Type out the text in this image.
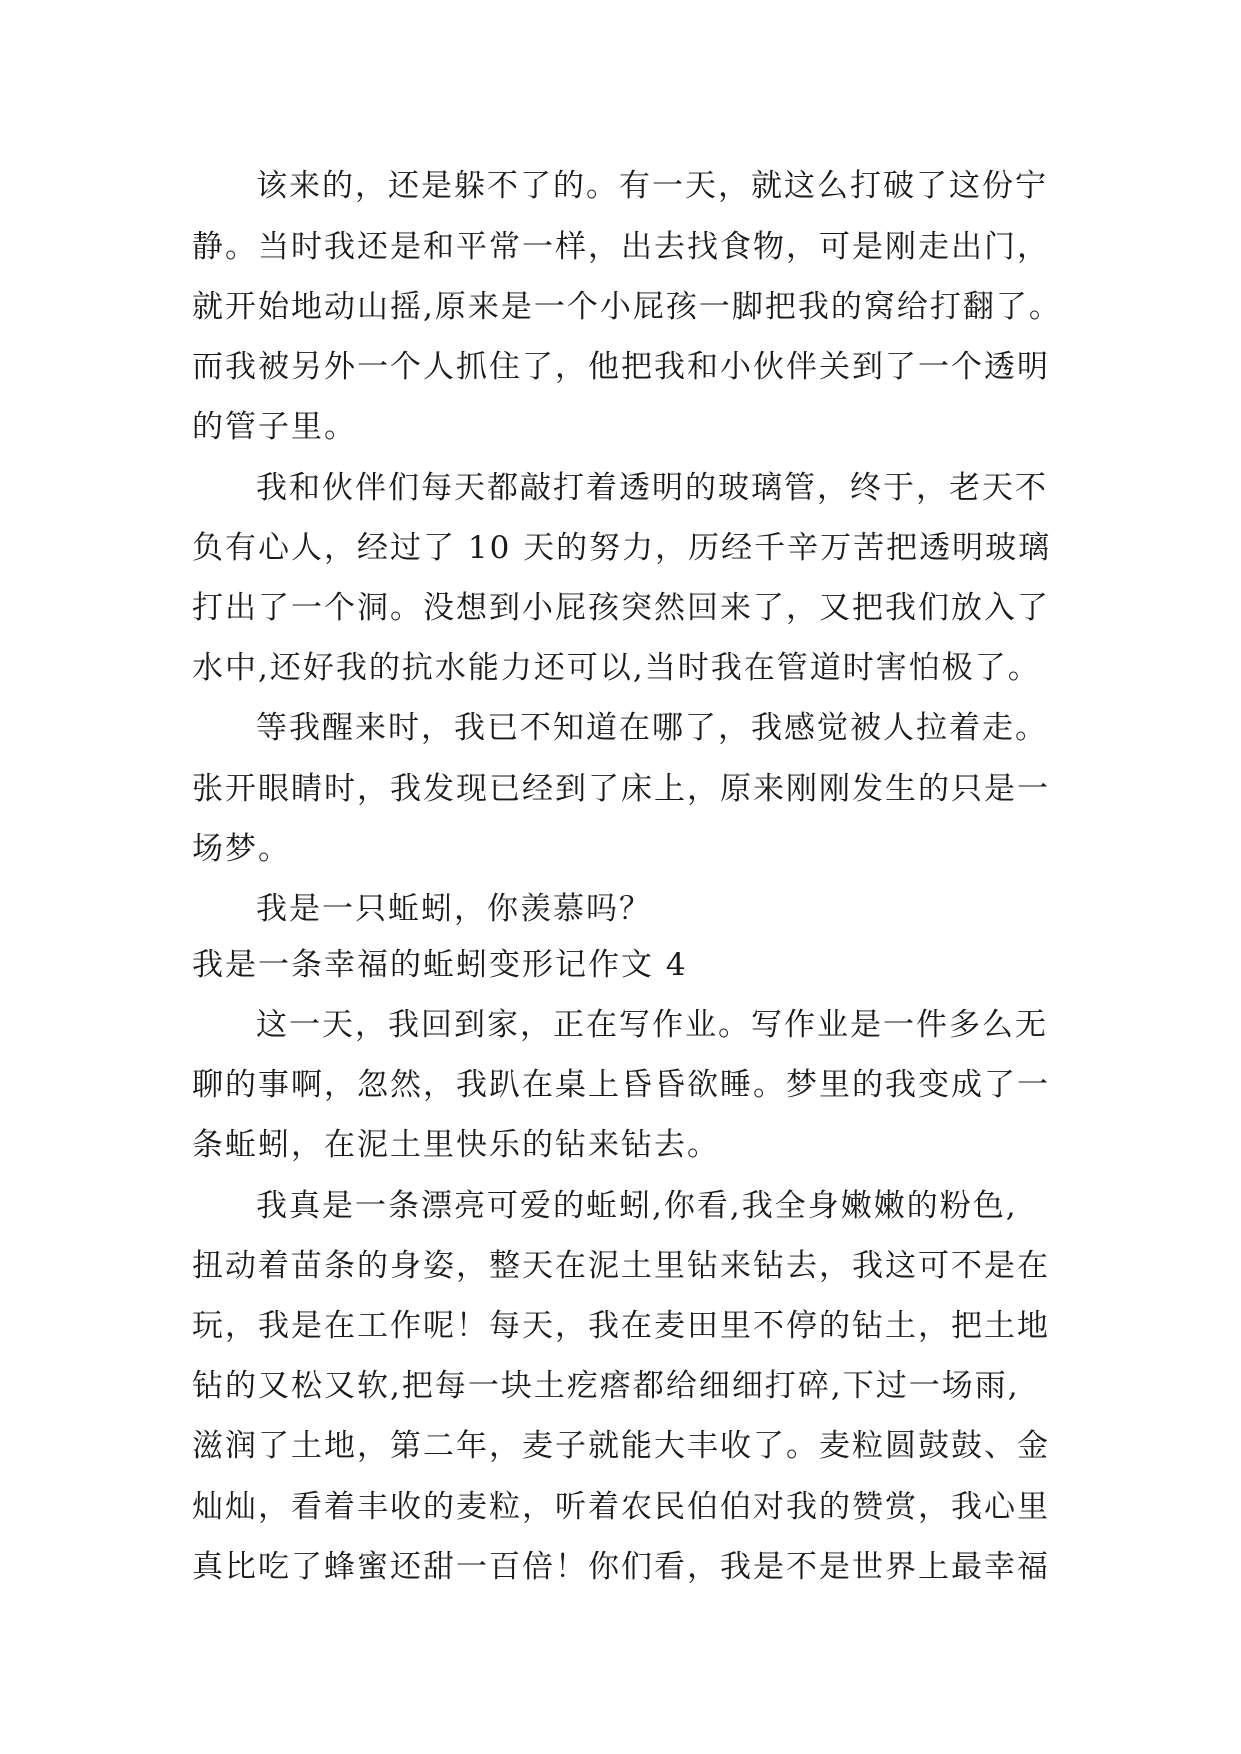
该来的，还是躲不了的。有一天，就这么打破了这份宁
静。当时我还是和平常一样，出去找食物，可是刚走出门，
就开始地动山摇,原来是一个小屁孩一脚把我的窝给打翻了。
而我被另外一个人抓住了，他把我和小伙伴关到了一个透明
的管子里。
我和伙伴们每天都敲打着透明的玻璃管，终于，老天不
负有心人，经过了 10 天的努力，历经千辛万苦把透明玻璃
打出了一个洞。没想到小屁孩突然回来了，又把我们放入了
水中,还好我的抗水能力还可以,当时我在管道时害怕极了。
等我醒来时，我已不知道在哪了，我感觉被人拉着走。
张开眼睛时，我发现已经到了床上，原来刚刚发生的只是一
场梦。
我是一只蚯蚓，你羡慕吗？
我是一条幸福的蚯蚓变形记作文 4
这一天，我回到家，正在写作业。写作业是一件多么无
聊的事啊，忽然，我趴在桌上昏昏欲睡。梦里的我变成了一
条蚯蚓，在泥土里快乐的钻来钻去。
我真是一条漂亮可爱的蚯蚓,你看,我全身嫩嫩的粉色,
扭动着苗条的身姿，整天在泥土里钻来钻去，我这可不是在
玩，我是在工作呢！每天，我在麦田里不停的钻土，把土地
钻的又松又软,把每一块土疙瘩都给细细打碎,下过一场雨,
滋润了土地，第二年，麦子就能大丰收了。麦粒圆鼓鼓、金
灿灿，看着丰收的麦粒，听着农民伯伯对我的赞赏，我心里
真比吃了蜂蜜还甜一百倍！你们看，我是不是世界上最幸福
